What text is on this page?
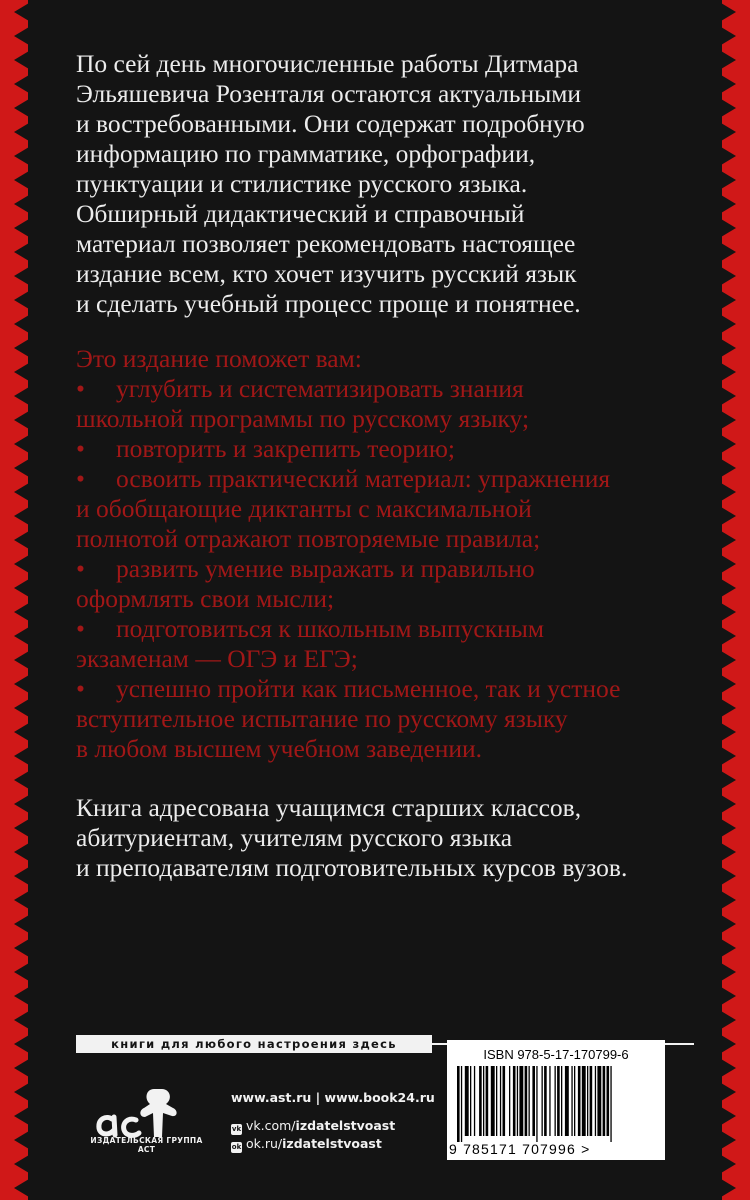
По сей день многочисленные работы Дитмара
Эльяшевича Розенталя остаются актуальными
и востребованными. Они содержат подробную
информацию по грамматике, орфографии,
пунктуации и стилистике русского языка.
Обширный дидактический и справочный
материал позволяет рекомендовать настоящее
издание всем, кто хочет изучить русский язык
и сделать учебный процесс проще и понятнее.
Это издание поможет вам:
• углубить и систематизировать знания
школьной программы по русскому языку;
• повторить и закрепить теорию;
• освоить практический материал: упражнения
и обобщающие диктанты с максимальной
полнотой отражают повторяемые правила;
• развить умение выражать и правильно
оформлять свои мысли;
• подготовиться к школьным выпускным
экзаменам — ОГЭ и ЕГЭ;
• успешно пройти как письменное, так и устное
вступительное испытание по русскому языку
в любом высшем учебном заведении.
Книга адресована учащимся старших классов,
абитуриентам, учителям русского языка
и преподавателям подготовительных курсов вузов.
книги для любого настроения здесь
ИЗДАТЕЛЬСКАЯ ГРУППА АСТ
www.ast.ru | www.book24.ru
vk vk.com/izdatelstvoast
ok ok.ru/izdatelstvoast
ISBN 978-5-17-170799-6
9 785171 707996 >
